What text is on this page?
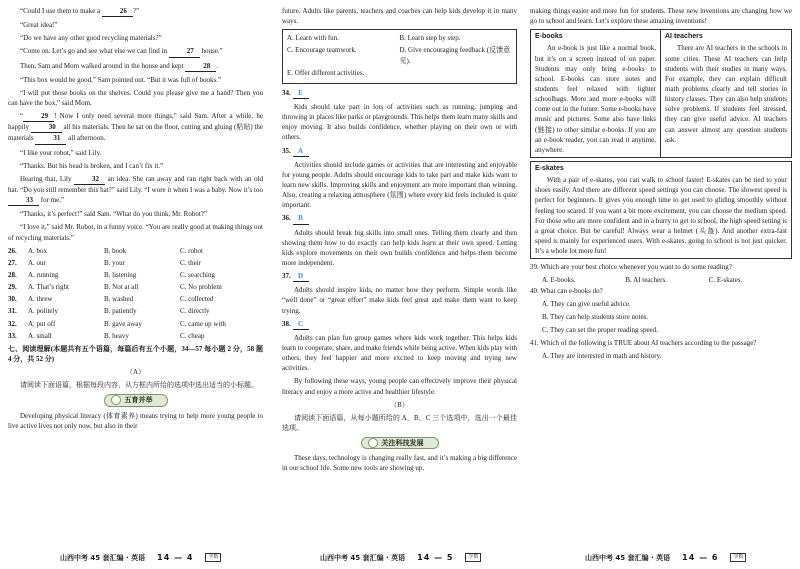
“Could I use them to make a	26 ?”

“Great idea!”

“Do we have any other good recycling materials?”

“Come on. Let’s go and see what else we can find in	27 house.”

Then, Sam and Mom walked around in the house and kept	28 .

“This box would be good,” Sam pointed out. “But it was full of books.”

“I will put those books on the shelves. Could you please give me a hand? Then you can have the box,” said Mom.

“	29 ! Now I only need several more things,” said Sam. After a while, he happily	30 all his materials. Then he sat on the floor, cutting and gluing (粘贴) the materials	31 all afternoon.

“I like your robot,” said Lily.

“Thanks. But his head is broken, and I can’t fix it.”

Hearing that, Lily	32 an idea. She ran away and ran right back with an old hat. “Do you still remember this hat?” said Lily. “I wore it when I was a baby. Now it’s too 33 for me.”

“Thanks, it’s perfect!” said Sam. “What do you think, Mr. Robot?”

“I love it,” said Mr. Robot, in a funny voice. “You are really good at making things out of recycling materials.”

26.	A. box	B. book	C. robot
27.	A. our	B. your	C. their
28.	A. running	B. listening	C. searching
29.	A. That’s right	B. Not at all	C. No problem
30.	A. threw	B. washed	C. collected
31.	A. politely	B. patiently	C. directly
32.	A. put off	B. gave away	C. came up with
33.	A. small	B. heavy	C. cheap

七、阅读理解(本题共有五个语篇，每篇后有五个小题，34—57 每小题 2 分，58 题 4 分，共 52 分)

（A）

请阅读下面语篇，根据每段内容，从方框内所给的选项中选出适当的小标题。

五育并举

Developing physical literacy (体育素养) means trying to help more young people to live active lives not only now, but also in their

future. Adults like parents, teachers and coaches can help kids develop it in many ways.

A. Learn with fun.	B. Learn step by step.
C. Encourage teamwork.	D. Give encouraging feedback (反馈意见).
E. Offer different activities.

34. E

Kids should take part in lots of activities such as running, jumping and throwing in places like parks or playgrounds. This helps them learn many skills and enjoy moving. It also builds confidence, whether playing on their own or with others.

35. A

Activities should include games or activities that are interesting and enjoyable for young people. Adults should encourage kids to take part and make kids want to learn new skills. Improving skills and enjoyment are more important than winning. Also, creating a relaxing atmosphere (氛围) where every kid feels included is quite important.

36. B

Adults should break big skills into small ones. Telling them clearly and then showing them how to do exactly can help kids learn at their own speed. Letting kids explore movements on their own builds confidence and helps them become more independent.

37. D

Adults should inspire kids, no matter how they perform. Simple words like “well done” or “great effort” make kids feel great and make them want to keep trying.

38. C

Adults can plan fun group games where kids work together. This helps kids learn to cooperate, share, and make friends while being active. When kids play with others, they feel happier and more excited to keep moving and trying new activities.

By following these ways, young people can effectively improve their physical literacy and enjoy a more active and healthier lifestyle.

（B）

请阅读下面语篇，从每小题所给的 A，B，C 三个选项中，选出一个最佳选项。

关注科技发展

These days, technology is changing really fast, and it’s making a big difference in our school life. Some new tools are showing up,

making things easier and more fun for students. These new inventions are changing how we go to school and learn. Let’s explore these amazing inventions!

E-books

An e-book is just like a normal book, but it’s on a screen instead of on paper. Students may only bring e-books to school. E-books can store notes and students feel relaxed with lighter schoolbags. More and more e-books will come out in the future. Some e-books have music and pictures. Some also have links (链接) to other similar e-books. If you are an e-book reader, you can read it anytime, anywhere.

AI teachers

There are AI teachers in the schools in some cities. These AI teachers can help students with their studies in many ways. For example, they can explain difficult math problems clearly and tell stories in history classes. They can also help students solve problems. If students feel stressed, they can give useful advice. AI teachers can answer almost any question students ask.

E-skates

With a pair of e-skates, you can walk to school faster! E-skates can be tied to your shoes easily. And there are different speed settings you can choose. The slowest speed is perfect for beginners. It gives you enough time to get used to gliding smoothly without feeling too scared. If you want a bit more excitement, you can choose the medium speed. For those who are more confident and in a hurry to get to school, the high speed setting is a great choice. But be careful! Always wear a helmet (头盔). And another extra-fast speed is mainly for experienced users. With e-skates, going to school is not just quicker. It’s a whole lot more fun!

39. Which are your best choice whenever you want to do some reading?

A. E-books.	B. AI teachers.	C. E-skates.

40. What can e-books do?

A. They can give useful advice.

B. They can help students store notes.

C. They can set the proper reading speed.

41. Which of the following is TRUE about AI teachers according to the passage?

A. They are interested in math and history.

山西中考 45 套汇编 · 英语 14 — 4	学数	山西中考 45 套汇编 · 英语 14 — 5	学数	山西中考 45 套汇编 · 英语 14 — 6	学数
